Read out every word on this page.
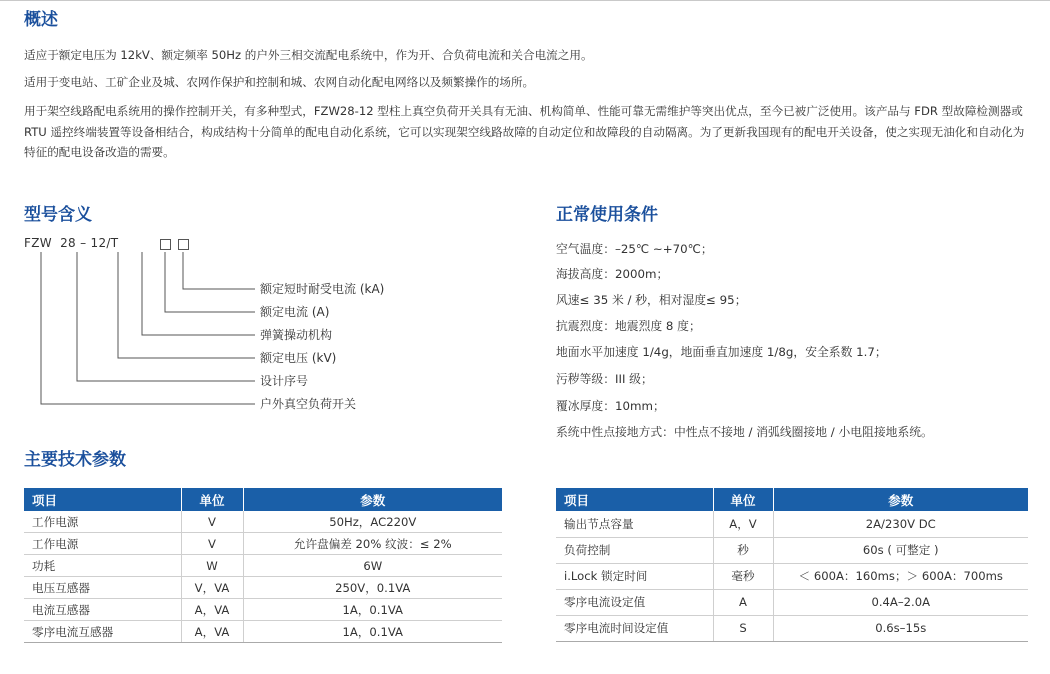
概述

适应于额定电压为 12kV、额定频率 50Hz 的户外三相交流配电系统中，作为开、合负荷电流和关合电流之用。

适用于变电站、工矿企业及城、农网作保护和控制和城、农网自动化配电网络以及频繁操作的场所。

用于架空线路配电系统用的操作控制开关，有多种型式，FZW28-12 型柱上真空负荷开关具有无油、机构简单、性能可靠无需维护等突出优点，至今已被广泛使用。该产品与 FDR 型故障检测器或 RTU 遥控终端装置等设备相结合，构成结构十分简单的配电自动化系统，它可以实现架空线路故障的自动定位和故障段的自动隔离。为了更新我国现有的配电开关设备，使之实现无油化和自动化为特征的配电设备改造的需要。

型号含义
FZW  28 – 12/T
额定短时耐受电流 (kA)
额定电流 (A)
弹簧操动机构
额定电压 (kV)
设计序号
户外真空负荷开关
正常使用条件
空气温度：–25℃ ~+70℃；
海拔高度：2000m；
风速≤ 35 米 / 秒，相对湿度≤ 95；
抗震烈度：地震烈度 8 度；
地面水平加速度 1/4g，地面垂直加速度 1/8g，安全系数 1.7；
污秽等级：III 级；
覆冰厚度：10mm；
系统中性点接地方式：中性点不接地 / 消弧线圈接地 / 小电阻接地系统。
主要技术参数
项目	单位	参数
工作电源	V	50Hz，AC220V
工作电源	V	允许盘偏差 20% 纹波：≤ 2%
功耗	W	6W
电压互感器	V，VA	250V，0.1VA
电流互感器	A，VA	1A，0.1VA
零序电流互感器	A，VA	1A，0.1VA
项目	单位	参数
输出节点容量	A，V	2A/230V DC
负荷控制	秒	60s ( 可整定 )
i.Lock 锁定时间	毫秒	＜ 600A：160ms；＞ 600A：700ms
零序电流设定值	A	0.4A–2.0A
零序电流时间设定值	S	0.6s–15s
